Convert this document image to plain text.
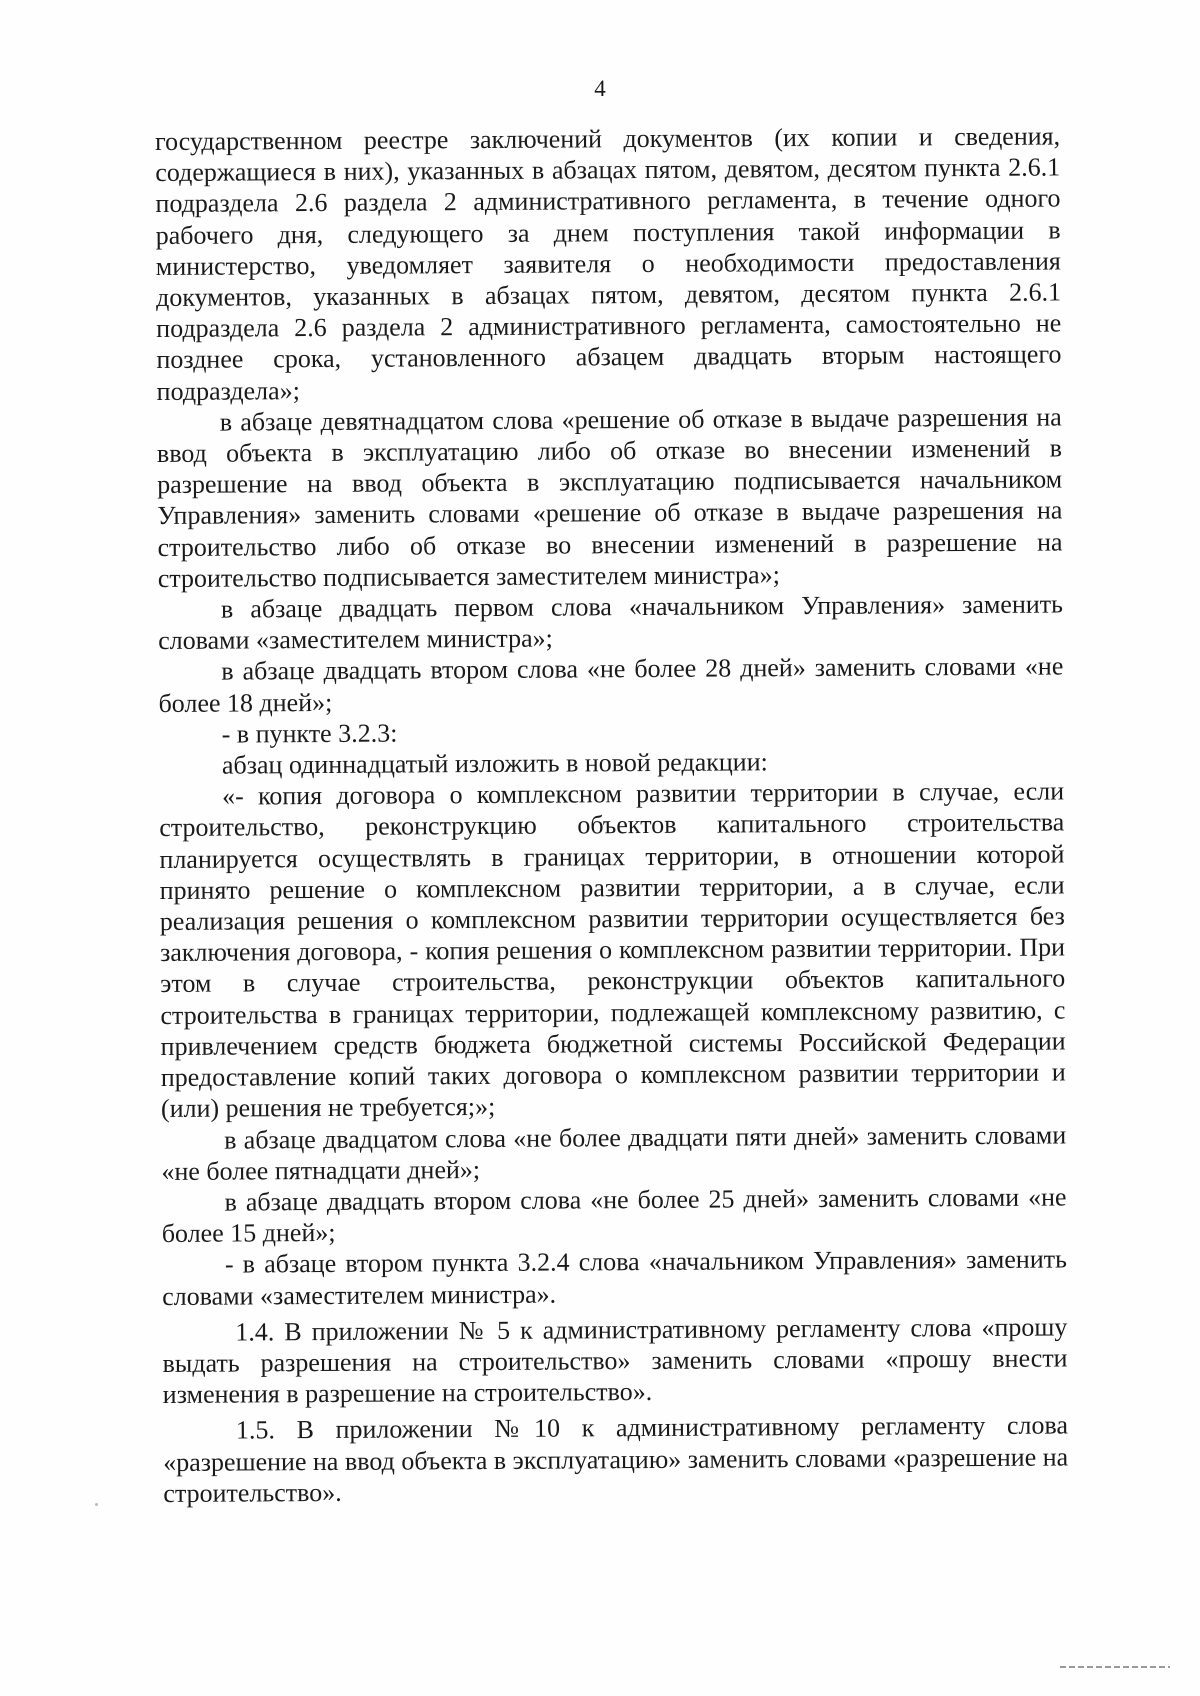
4

государственном реестре заключений документов (их копии и сведения, содержащиеся в них), указанных в абзацах пятом, девятом, десятом пункта 2.6.1 подраздела 2.6 раздела 2 административного регламента, в течение одного рабочего дня, следующего за днем поступления такой информации в министерство, уведомляет заявителя о необходимости предоставления документов, указанных в абзацах пятом, девятом, десятом пункта 2.6.1 подраздела 2.6 раздела 2 административного регламента, самостоятельно не позднее срока, установленного абзацем двадцать вторым настоящего подраздела»;

в абзаце девятнадцатом слова «решение об отказе в выдаче разрешения на ввод объекта в эксплуатацию либо об отказе во внесении изменений в разрешение на ввод объекта в эксплуатацию подписывается начальником Управления» заменить словами «решение об отказе в выдаче разрешения на строительство либо об отказе во внесении изменений в разрешение на строительство подписывается заместителем министра»;

в абзаце двадцать первом слова «начальником Управления» заменить словами «заместителем министра»;

в абзаце двадцать втором слова «не более 28 дней» заменить словами «не более 18 дней»;

- в пункте 3.2.3:

абзац одиннадцатый изложить в новой редакции:

«- копия договора о комплексном развитии территории в случае, если строительство, реконструкцию объектов капитального строительства планируется осуществлять в границах территории, в отношении которой принято решение о комплексном развитии территории, а в случае, если реализация решения о комплексном развитии территории осуществляется без заключения договора, - копия решения о комплексном развитии территории. При этом в случае строительства, реконструкции объектов капитального строительства в границах территории, подлежащей комплексному развитию, с привлечением средств бюджета бюджетной системы Российской Федерации предоставление копий таких договора о комплексном развитии территории и (или) решения не требуется;»;

в абзаце двадцатом слова «не более двадцати пяти дней» заменить словами «не более пятнадцати дней»;

в абзаце двадцать втором слова «не более 25 дней» заменить словами «не более 15 дней»;

- в абзаце втором пункта 3.2.4 слова «начальником Управления» заменить словами «заместителем министра».

1.4. В приложении № 5 к административному регламенту слова «прошу выдать разрешения на строительство» заменить словами «прошу внести изменения в разрешение на строительство».

1.5. В приложении №10 к административному регламенту слова «разрешение на ввод объекта в эксплуатацию» заменить словами «разрешение на строительство».
